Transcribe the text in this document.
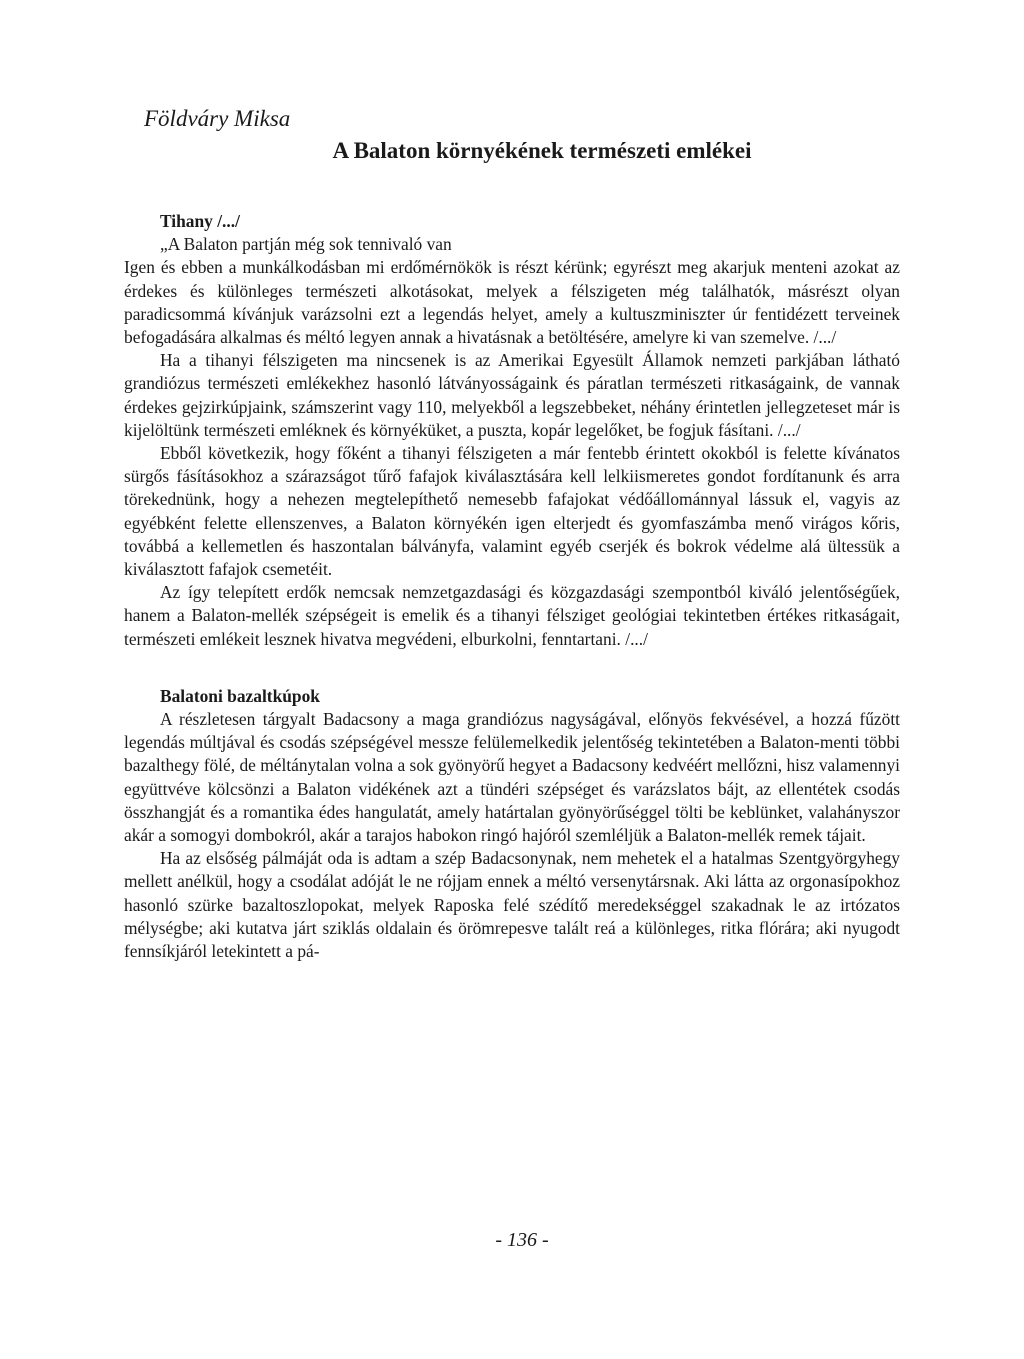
Földváry Miksa
A Balaton környékének természeti emlékei

Tihany /.../

„A Balaton partján még sok tennivaló van

Igen és ebben a munkálkodásban mi erdőmérnökök is részt kérünk; egyrészt meg akarjuk menteni azokat az érdekes és különleges természeti alkotásokat, melyek a félszigeten még találhatók, másrészt olyan paradicsommá kívánjuk varázsolni ezt a legendás helyet, amely a kultuszminiszter úr fentidézett terveinek befogadására alkalmas és méltó legyen annak a hivatásnak a betöltésére, amelyre ki van szemelve. /.../

Ha a tihanyi félszigeten ma nincsenek is az Amerikai Egyesült Államok nemzeti parkjában látható grandiózus természeti emlékekhez hasonló látványosságaink és páratlan természeti ritkaságaink, de vannak érdekes gejzirkúpjaink, számszerint vagy 110, melyekből a legszebbeket, néhány érintetlen jellegzeteset már is kijelöltünk természeti emléknek és környéküket, a puszta, kopár legelőket, be fogjuk fásítani. /.../

Ebből következik, hogy főként a tihanyi félszigeten a már fentebb érintett okokból is felette kívánatos sürgős fásításokhoz a szárazságot tűrő fafajok kiválasztására kell lelkiismeretes gondot fordítanunk és arra törekednünk, hogy a nehezen megtelepíthető nemesebb fafajokat védőállománnyal lássuk el, vagyis az egyébként felette ellenszenves, a Balaton környékén igen elterjedt és gyomfaszámba menő virágos kőris, továbbá a kellemetlen és haszontalan bálványfa, valamint egyéb cserjék és bokrok védelme alá ültessük a kiválasztott fafajok csemetéit.

Az így telepített erdők nemcsak nemzetgazdasági és közgazdasági szempontból kiváló jelentőségűek, hanem a Balaton-mellék szépségeit is emelik és a tihanyi félsziget geológiai tekintetben értékes ritkaságait, természeti emlékeit lesznek hivatva megvédeni, elburkolni, fenntartani. /.../

Balatoni bazaltkúpok

A részletesen tárgyalt Badacsony a maga grandiózus nagyságával, előnyös fekvésével, a hozzá fűzött legendás múltjával és csodás szépségével messze felülemelkedik jelentőség tekintetében a Balaton-menti többi bazalthegy fölé, de méltánytalan volna a sok gyönyörű hegyet a Badacsony kedvéért mellőzni, hisz valamennyi együttvéve kölcsönzi a Balaton vidékének azt a tündéri szépséget és varázslatos bájt, az ellentétek csodás összhangját és a romantika édes hangulatát, amely határtalan gyönyörűséggel tölti be keblünket, valahányszor akár a somogyi dombokról, akár a tarajos habokon ringó hajóról szemléljük a Balaton-mellék remek tájait.

Ha az elsőség pálmáját oda is adtam a szép Badacsonynak, nem mehetek el a hatalmas Szentgyörgyhegy mellett anélkül, hogy a csodálat adóját le ne rójjam ennek a méltó versenytársnak. Aki látta az orgonasípokhoz hasonló szürke bazaltoszlopokat, melyek Raposka felé szédítő meredekséggel szakadnak le az irtózatos mélységbe; aki kutatva járt sziklás oldalain és örömrepesve talált reá a különleges, ritka flórára; aki nyugodt fennsíkjáról letekintett a pá-

- 136 -
